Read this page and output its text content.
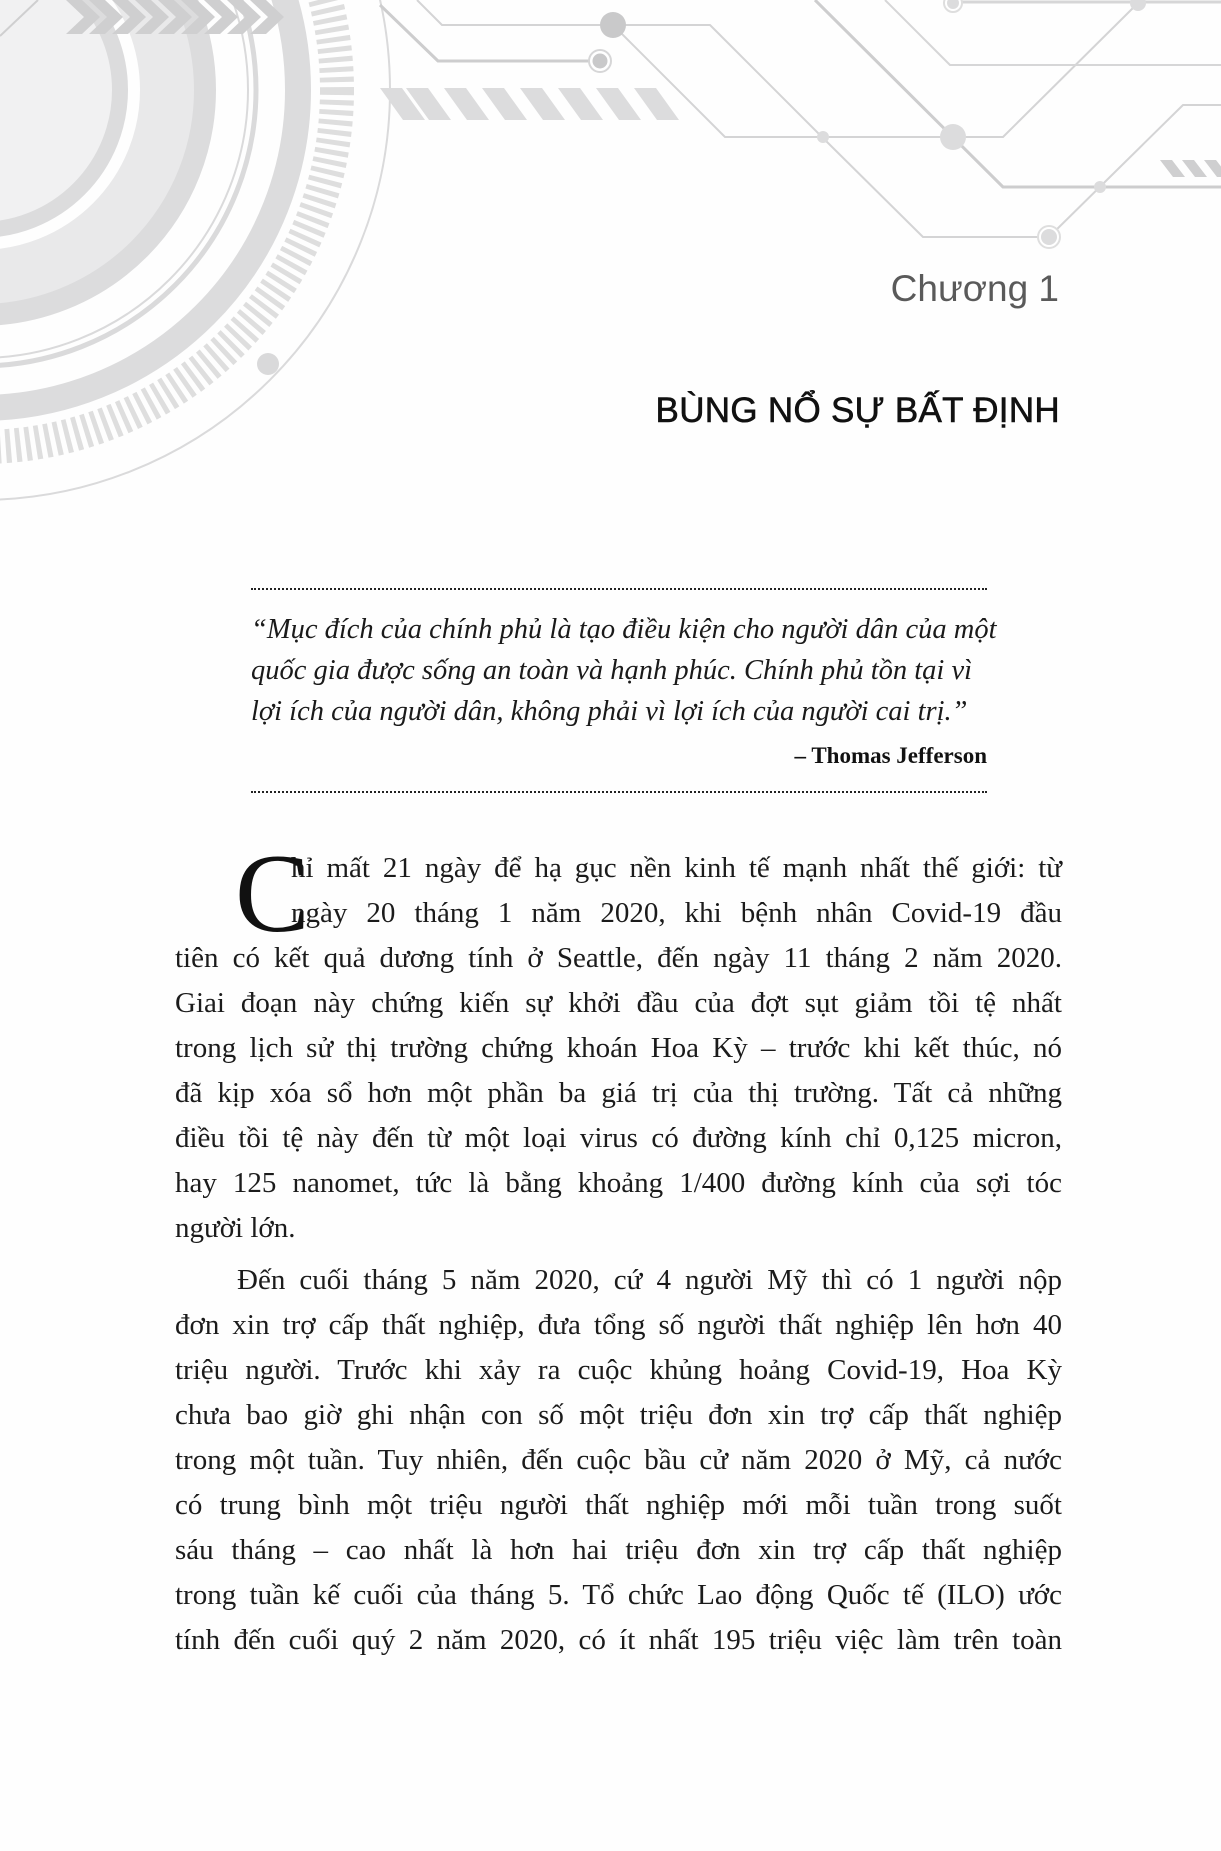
Chương 1
BÙNG NỔ SỰ BẤT ĐỊNH
“Mục đích của chính phủ là tạo điều kiện cho người dân của một
quốc gia được sống an toàn và hạnh phúc. Chính phủ tồn tại vì
lợi ích của người dân, không phải vì lợi ích của người cai trị.”
– Thomas Jefferson
C
hỉ mất 21 ngày để hạ gục nền kinh tế mạnh nhất thế giới: từ
ngày 20 tháng 1 năm 2020, khi bệnh nhân Covid-19 đầu
tiên có kết quả dương tính ở Seattle, đến ngày 11 tháng 2 năm 2020.
Giai đoạn này chứng kiến sự khởi đầu của đợt sụt giảm tồi tệ nhất
trong lịch sử thị trường chứng khoán Hoa Kỳ – trước khi kết thúc, nó
đã kịp xóa sổ hơn một phần ba giá trị của thị trường. Tất cả những
điều tồi tệ này đến từ một loại virus có đường kính chỉ 0,125 micron,
hay 125 nanomet, tức là bằng khoảng 1/400 đường kính của sợi tóc
người lớn.
Đến cuối tháng 5 năm 2020, cứ 4 người Mỹ thì có 1 người nộp
đơn xin trợ cấp thất nghiệp, đưa tổng số người thất nghiệp lên hơn 40
triệu người. Trước khi xảy ra cuộc khủng hoảng Covid-19, Hoa Kỳ
chưa bao giờ ghi nhận con số một triệu đơn xin trợ cấp thất nghiệp
trong một tuần. Tuy nhiên, đến cuộc bầu cử năm 2020 ở Mỹ, cả nước
có trung bình một triệu người thất nghiệp mới mỗi tuần trong suốt
sáu tháng – cao nhất là hơn hai triệu đơn xin trợ cấp thất nghiệp
trong tuần kế cuối của tháng 5. Tổ chức Lao động Quốc tế (ILO) ước
tính đến cuối quý 2 năm 2020, có ít nhất 195 triệu việc làm trên toàn
